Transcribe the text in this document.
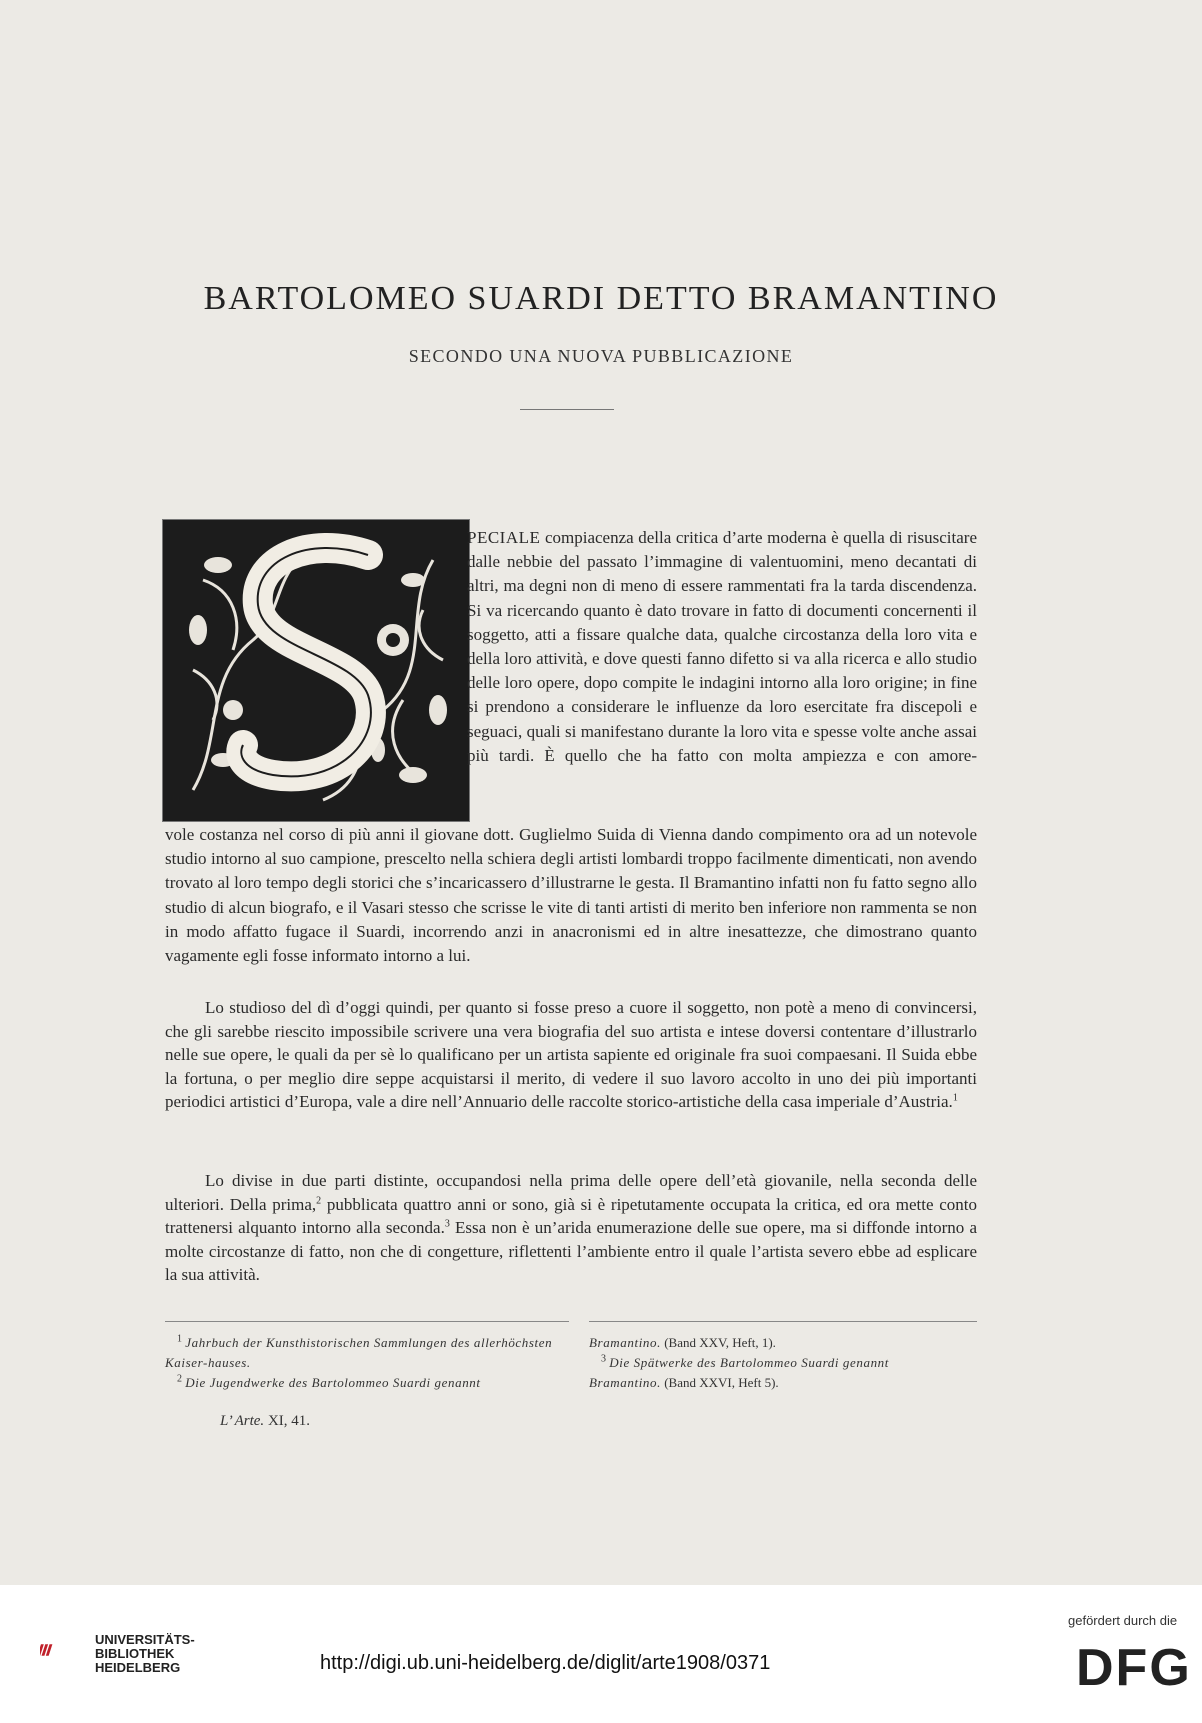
BARTOLOMEO SUARDI DETTO BRAMANTINO
SECONDO UNA NUOVA PUBBLICAZIONE

PECIALE compiacenza della critica d’arte moderna è quella di risuscitare dalle nebbie del passato l’immagine di valentuomini, meno decantati di altri, ma degni non di meno di essere rammentati fra la tarda discendenza. Si va ricercando quanto è dato trovare in fatto di documenti concernenti il soggetto, atti a fissare qualche data, qualche circostanza della loro vita e della loro attività, e dove questi fanno difetto si va alla ricerca e allo studio delle loro opere, dopo compite le indagini intorno alla loro origine; in fine si prendono a considerare le influenze da loro esercitate fra discepoli e seguaci, quali si manifestano durante la loro vita e spesse volte anche assai più tardi. È quello che ha fatto con molta ampiezza e con amore-

vole costanza nel corso di più anni il giovane dott. Guglielmo Suida di Vienna dando compimento ora ad un notevole studio intorno al suo campione, prescelto nella schiera degli artisti lombardi troppo facilmente dimenticati, non avendo trovato al loro tempo degli storici che s’incaricassero d’illustrarne le gesta. Il Bramantino infatti non fu fatto segno allo studio di alcun biografo, e il Vasari stesso che scrisse le vite di tanti artisti di merito ben inferiore non rammenta se non in modo affatto fugace il Suardi, incorrendo anzi in anacronismi ed in altre inesattezze, che dimostrano quanto vagamente egli fosse informato intorno a lui.

Lo studioso del dì d’oggi quindi, per quanto si fosse preso a cuore il soggetto, non potè a meno di convincersi, che gli sarebbe riescito impossibile scrivere una vera biografia del suo artista e intese doversi contentare d’illustrarlo nelle sue opere, le quali da per sè lo qualificano per un artista sapiente ed originale fra suoi compaesani. Il Suida ebbe la fortuna, o per meglio dire seppe acquistarsi il merito, di vedere il suo lavoro accolto in uno dei più importanti periodici artistici d’Europa, vale a dire nell’Annuario delle raccolte storico-artistiche della casa imperiale d’Austria.$^1$

Lo divise in due parti distinte, occupandosi nella prima delle opere dell’età giovanile, nella seconda delle ulteriori. Della prima,$^2$ pubblicata quattro anni or sono, già si è ripetutamente occupata la critica, ed ora mette conto trattenersi alquanto intorno alla seconda.$^3$ Essa non è un’arida enumerazione delle sue opere, ma si diffonde intorno a molte circostanze di fatto, non che di congetture, riflettenti l’ambiente entro il quale l’artista severo ebbe ad esplicare la sua attività.

$^1$ Jahrbuch der Kunsthistorischen Sammlungen des allerhöchsten Kaiser-hauses.
$^2$ Die Jugendwerke des Bartolommeo Suardi genannt
Bramantino. (Band XXV, Heft, 1).
$^3$ Die Spätwerke des Bartolommeo Suardi genannt
Bramantino. (Band XXVI, Heft 5).
L’ Arte. XI, 41.
UNIVERSITÄTS-
BIBLIOTHEK
HEIDELBERG	http://digi.ub.uni-heidelberg.de/diglit/arte1908/0371
gefördert durch die
DFG
